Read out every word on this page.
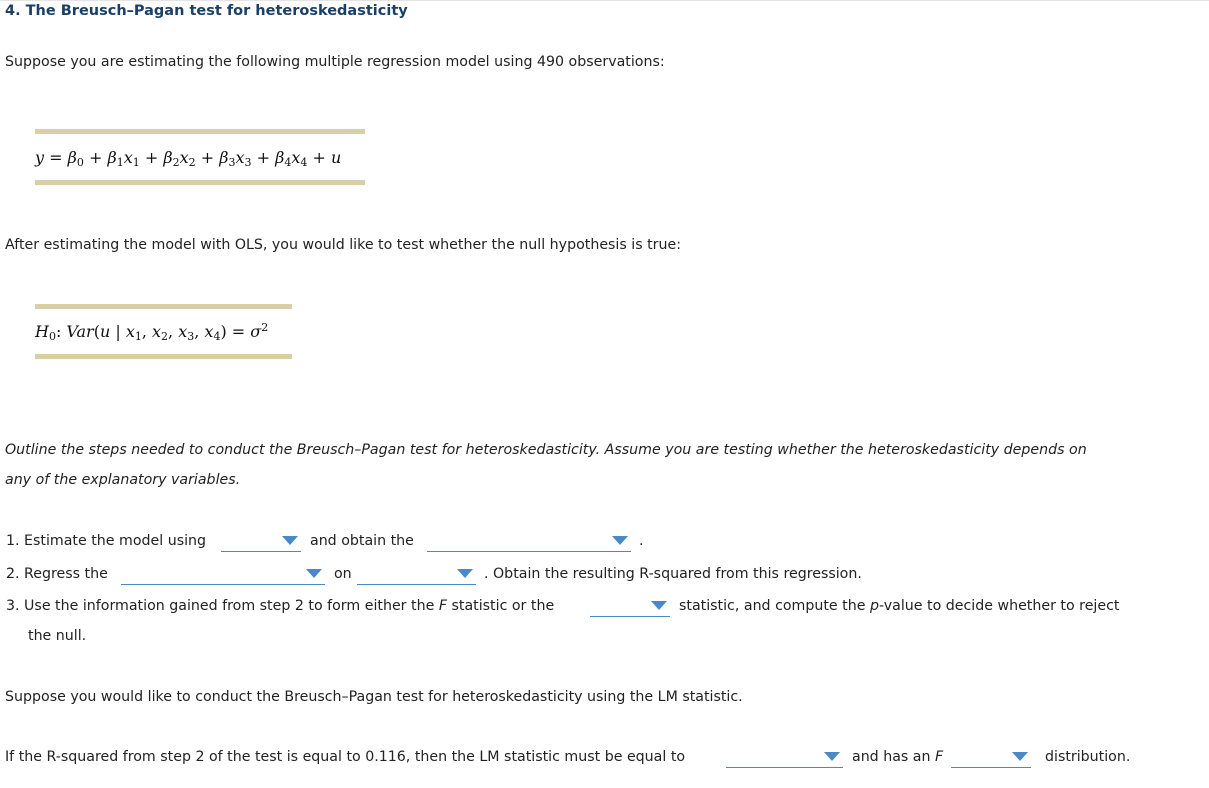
4. The Breusch–Pagan test for heteroskedasticity
Suppose you are estimating the following multiple regression model using 490 observations:
$y = \beta_0 + \beta_1x_1 + \beta_2x_2 + \beta_3x_3 + \beta_4x_4 + u$
After estimating the model with OLS, you would like to test whether the null hypothesis is true:
$H_0$: Var(u | $x_1$, $x_2$, $x_3$, $x_4) = \sigma^2$
Outline the steps needed to conduct the Breusch–Pagan test for heteroskedasticity. Assume you are testing whether the heteroskedasticity depends on
any of the explanatory variables.
1. Estimate the model using	and obtain the	.
2. Regress the	on	. Obtain the resulting R-squared from this regression.
3. Use the information gained from step 2 to form either the F statistic or the	statistic, and compute the p-value to decide whether to reject
the null.
Suppose you would like to conduct the Breusch–Pagan test for heteroskedasticity using the LM statistic.
If the R-squared from step 2 of the test is equal to 0.116, then the LM statistic must be equal to	and has an F	distribution.
